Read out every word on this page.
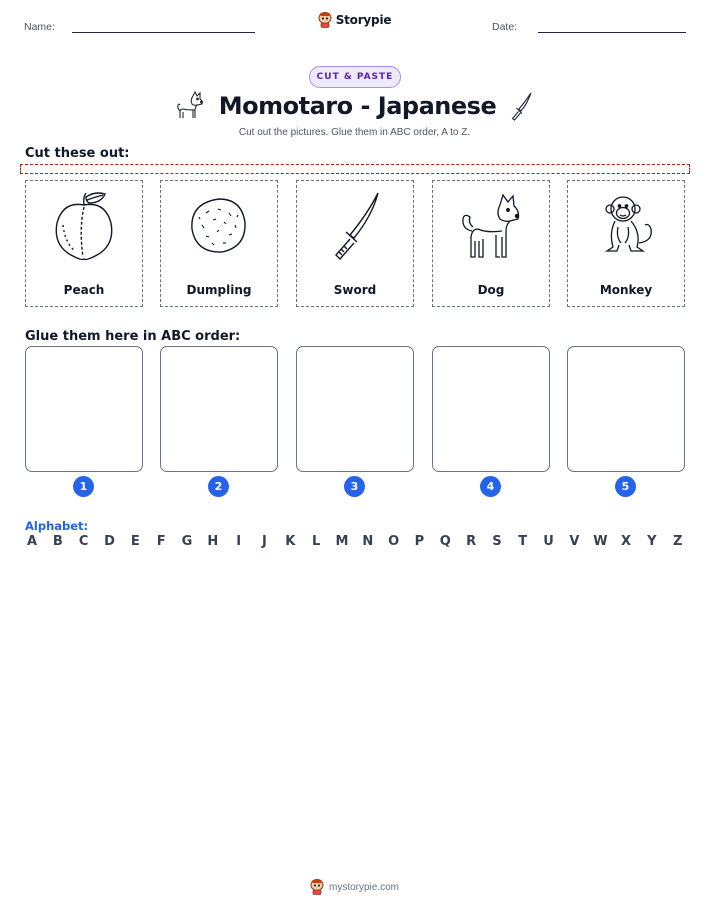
Name:	Storypie	Date:
CUT & PASTE
Momotaro - Japanese
Cut out the pictures. Glue them in ABC order, A to Z.
Cut these out:
Peach	Dumpling	Sword	Dog	Monkey
Glue them here in ABC order:
1	2	3	4	5
Alphabet:
A B C D E F G H	I	J	K L M N O P Q R S T U V W X Y Z
mystorypie.com
